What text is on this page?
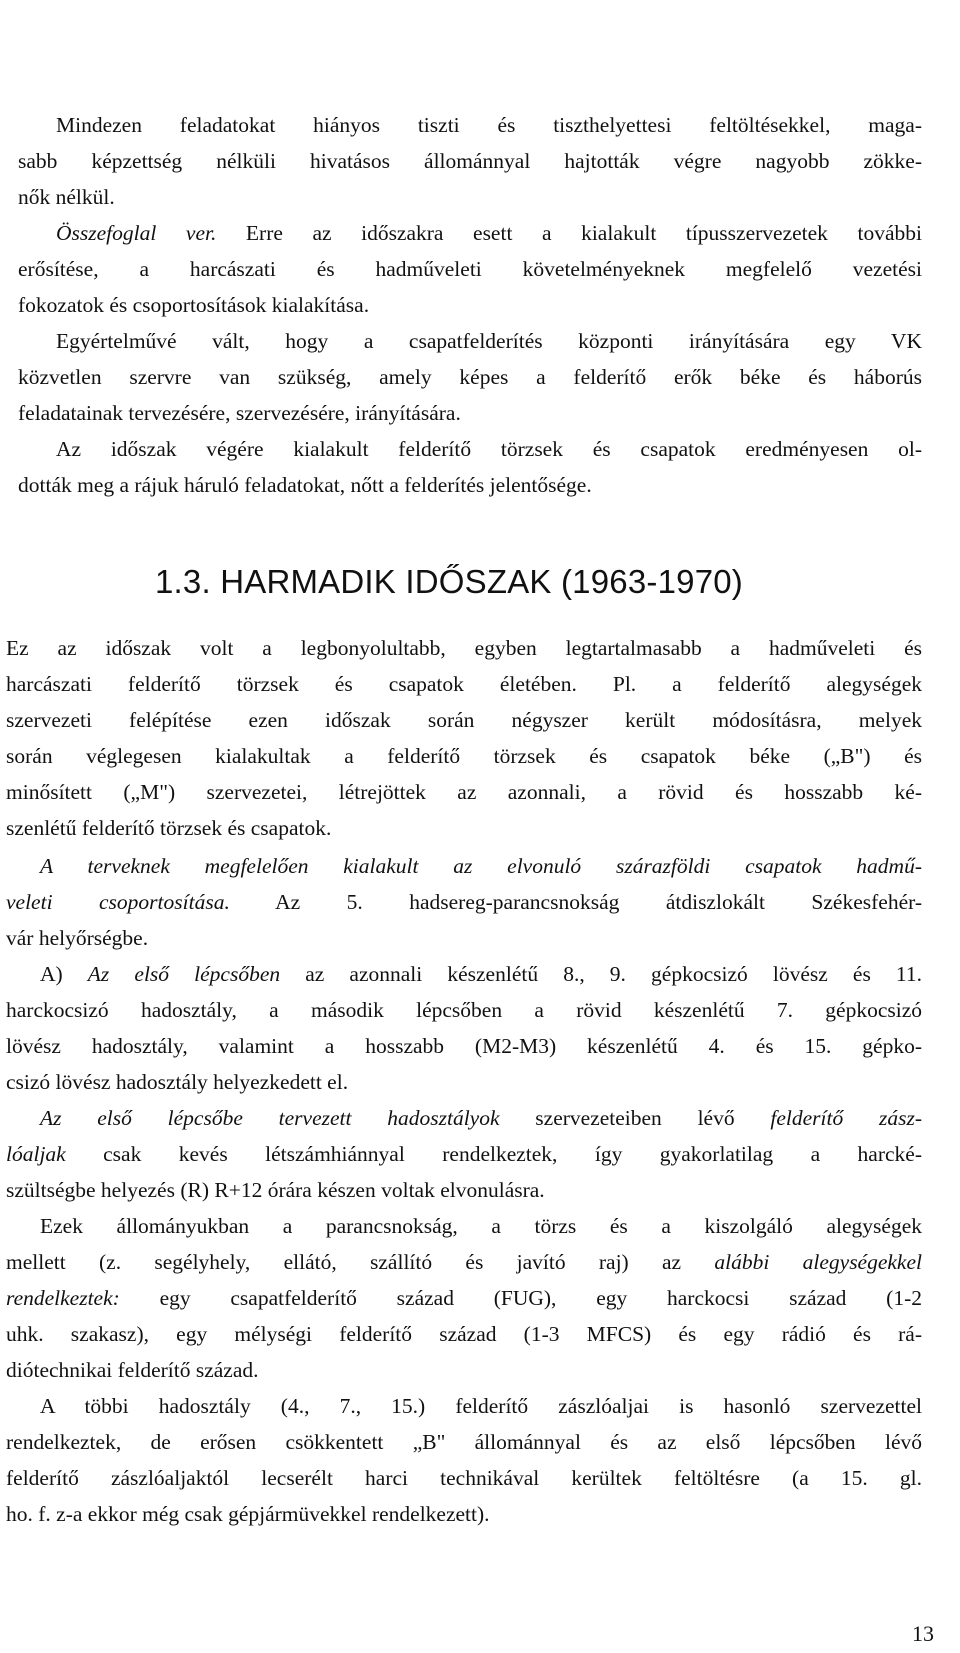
Mindezen feladatokat hiányos tiszti és tiszthelyettesi feltöltésekkel, maga-
sabb képzettség nélküli hivatásos állománnyal hajtották végre nagyobb zökke-
nők nélkül.
Összefoglal ver. Erre az időszakra esett a kialakult típusszervezetek további
erősítése, a harcászati és hadműveleti követelményeknek megfelelő vezetési
fokozatok és csoportosítások kialakítása.
Egyértelművé vált, hogy a csapatfelderítés központi irányítására egy VK
közvetlen szervre van szükség, amely képes a felderítő erők béke és háborús
feladatainak tervezésére, szervezésére, irányítására.
Az időszak végére kialakult felderítő törzsek és csapatok eredményesen ol-
dották meg a rájuk háruló feladatokat, nőtt a felderítés jelentősége.
1.3. HARMADIK IDŐSZAK (1963-1970)
Ez az időszak volt a legbonyolultabb, egyben legtartalmasabb a hadműveleti és
harcászati felderítő törzsek és csapatok életében. Pl. a felderítő alegységek
szervezeti felépítése ezen időszak során négyszer került módosításra, melyek
során véglegesen kialakultak a felderítő törzsek és csapatok béke („B") és
minősített („M") szervezetei, létrejöttek az azonnali, a rövid és hosszabb ké-
szenlétű felderítő törzsek és csapatok.
A terveknek megfelelően kialakult az elvonuló szárazföldi csapatok hadmű-
veleti csoportosítása. Az 5. hadsereg-parancsnokság átdiszlokált Székesfehér-
vár helyőrségbe.
A) Az első lépcsőben az azonnali készenlétű 8., 9. gépkocsizó lövész és 11.
harckocsizó hadosztály, a második lépcsőben a rövid készenlétű 7. gépkocsizó
lövész hadosztály, valamint a hosszabb (M2-M3) készenlétű 4. és 15. gépko-
csizó lövész hadosztály helyezkedett el.
Az első lépcsőbe tervezett hadosztályok szervezeteiben lévő felderítő zász-
lóaljak csak kevés létszámhiánnyal rendelkeztek, így gyakorlatilag a harcké-
szültségbe helyezés (R) R+12 órára készen voltak elvonulásra.
Ezek állományukban a parancsnokság, a törzs és a kiszolgáló alegységek
mellett (z. segélyhely, ellátó, szállító és javító raj) az alábbi alegységekkel
rendelkeztek: egy csapatfelderítő század (FUG), egy harckocsi század (1-2
uhk. szakasz), egy mélységi felderítő század (1-3 MFCS) és egy rádió és rá-
diótechnikai felderítő század.
A többi hadosztály (4., 7., 15.) felderítő zászlóaljai is hasonló szervezettel
rendelkeztek, de erősen csökkentett „B" állománnyal és az első lépcsőben lévő
felderítő zászlóaljaktól lecserélt harci technikával kerültek feltöltésre (a 15. gl.
ho. f. z-a ekkor még csak gépjármüvekkel rendelkezett).
13
